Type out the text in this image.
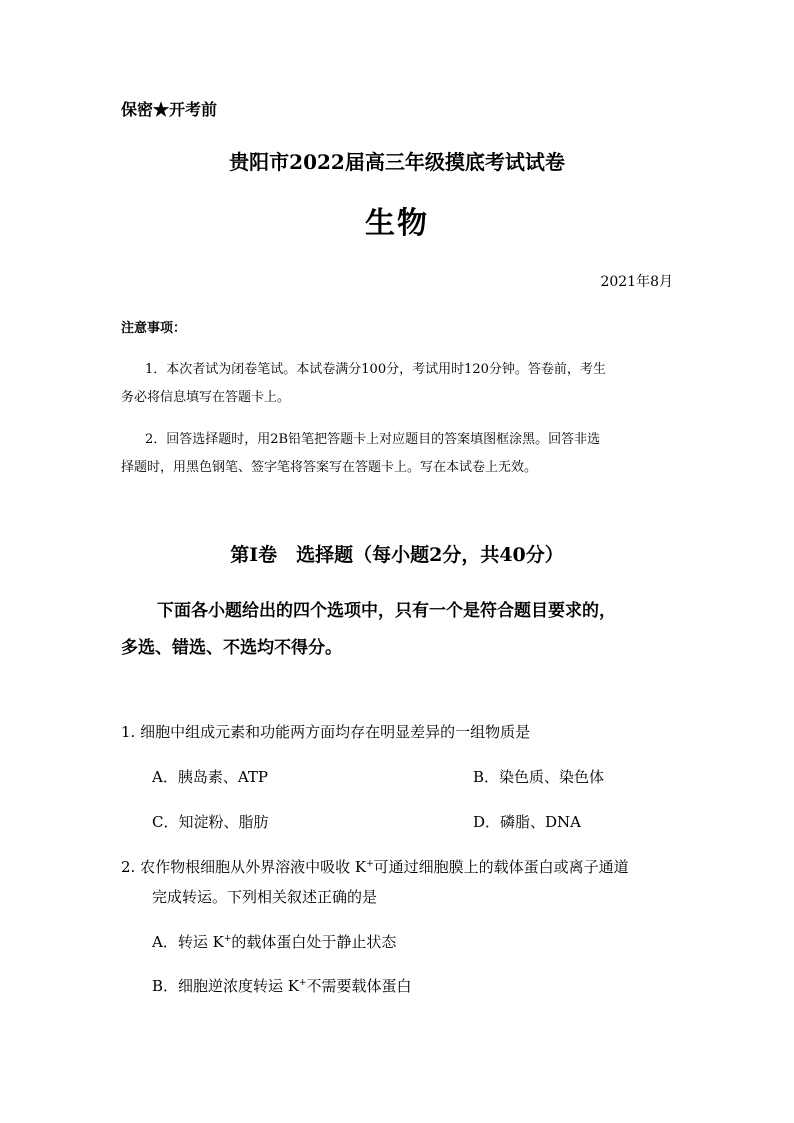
保密★开考前
贵阳市2022届高三年级摸底考试试卷
生物
2021年8月
注意事项：
1．本次者试为闭卷笔试。本试卷满分100分，考试用时120分钟。答卷前，考生
务必将信息填写在答题卡上。
2．回答选择题时，用2B铅笔把答题卡上对应题目的答案填图框涂黑。回答非选
择题时，用黑色钢笔、签字笔将答案写在答题卡上。写在本试卷上无效。
第I卷　选择题（每小题2分，共40分）
下面各小题给出的四个选项中，只有一个是符合题目要求的，
多选、错选、不选均不得分。
1. 细胞中组成元素和功能两方面均存在明显差异的一组物质是
A．胰岛素、ATP	B．染色质、染色体
C．知淀粉、脂肪	D．磷脂、DNA
2. 农作物根细胞从外界溶液中吸收 K+可通过细胞膜上的载体蛋白或离子通道
完成转运。下列相关叙述正确的是
A．转运 K+的载体蛋白处于静止状态
B．细胞逆浓度转运 K+不需要载体蛋白
